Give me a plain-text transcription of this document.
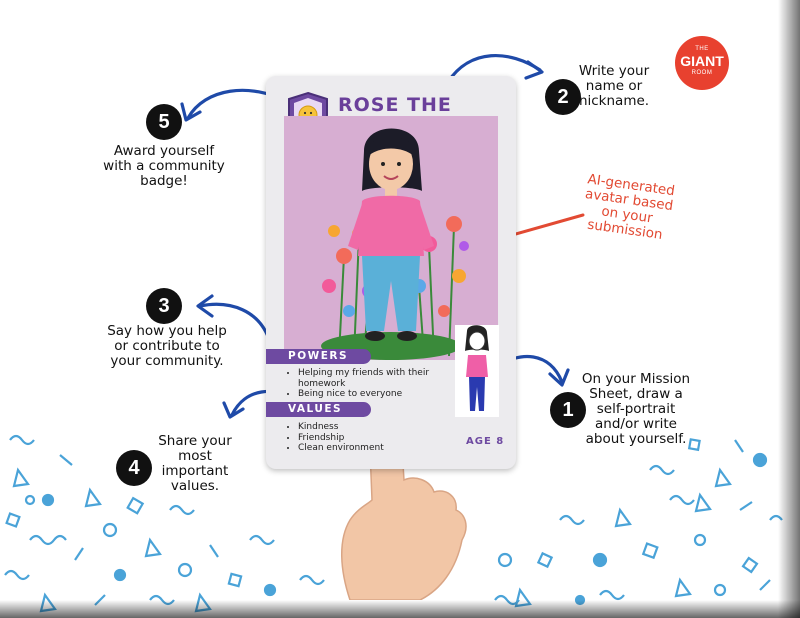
THE
GIANT
ROOM
2
Write your name or nickname.
5
Award yourself with a community badge!
3
Say how you help or contribute to your community.
4
Share your most important values.
1
On your Mission Sheet, draw a self-portrait and/or write about yourself.
AI-generated avatar based on your submission
ROSE THE
POWERS
• Helping my friends with their homework
• Being nice to everyone
VALUES
• Kindness
• Friendship
• Clean environment
AGE 8
